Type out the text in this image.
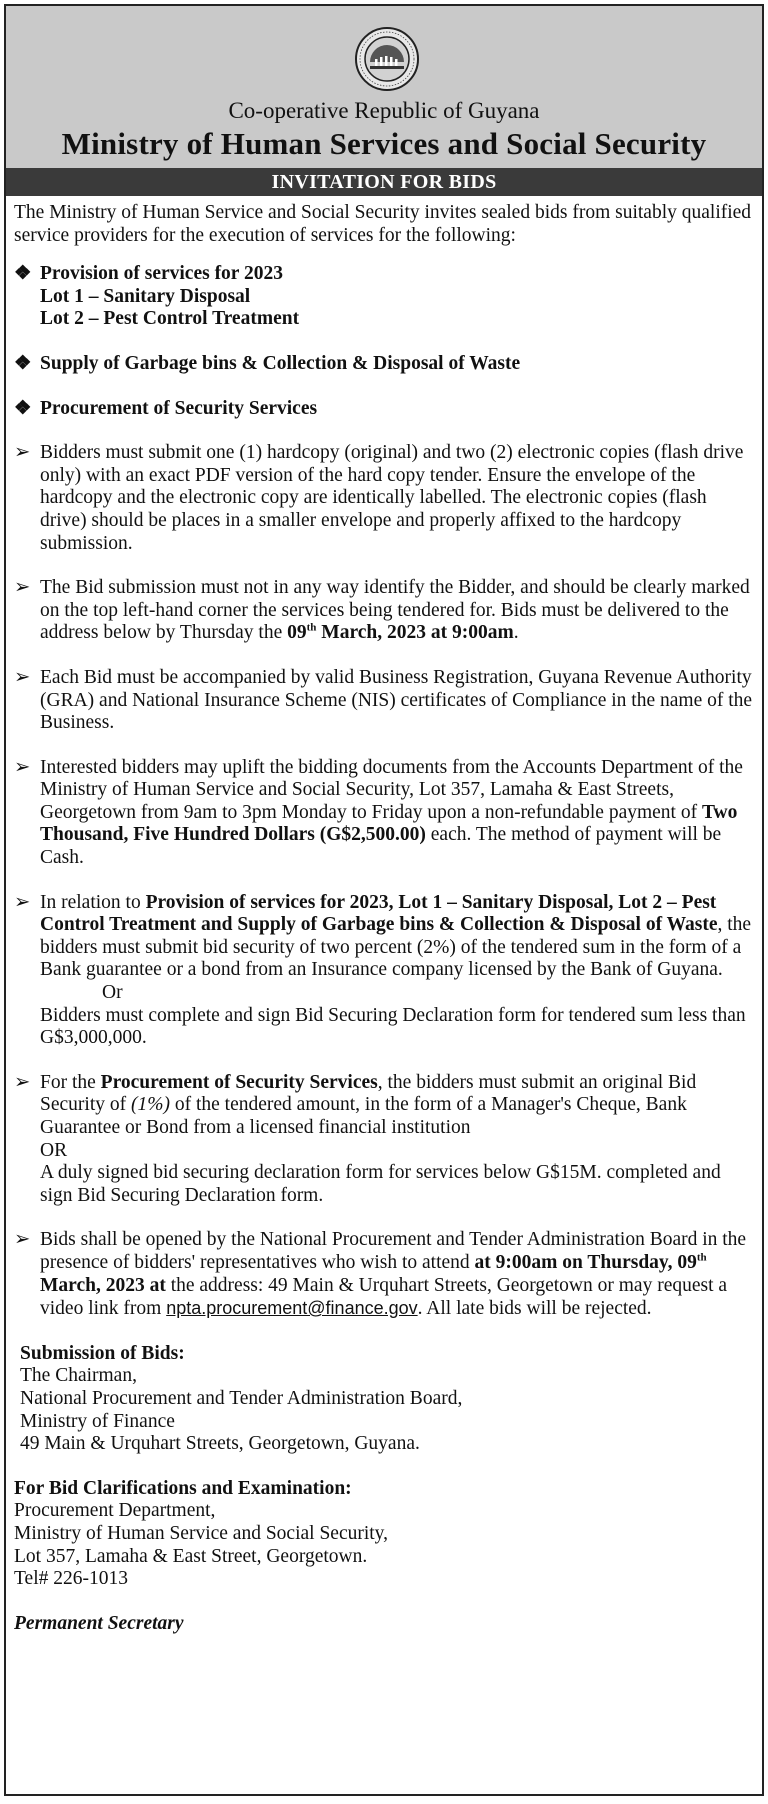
Co-operative Republic of Guyana
Ministry of Human Services and Social Security
INVITATION FOR BIDS

The Ministry of Human Service and Social Security invites sealed bids from suitably qualified service providers for the execution of services for the following:

❖ Provision of services for 2023
Lot 1 – Sanitary Disposal
Lot 2 – Pest Control Treatment
❖ Supply of Garbage bins & Collection & Disposal of Waste
❖ Procurement of Security Services
➢ Bidders must submit one (1) hardcopy (original) and two (2) electronic copies (flash drive only) with an exact PDF version of the hard copy tender. Ensure the envelope of the hardcopy and the electronic copy are identically labelled. The electronic copies (flash drive) should be places in a smaller envelope and properly affixed to the hardcopy submission.
➢ The Bid submission must not in any way identify the Bidder, and should be clearly marked on the top left-hand corner the services being tendered for. Bids must be delivered to the address below by Thursday the 09th March, 2023 at 9:00am.
➢ Each Bid must be accompanied by valid Business Registration, Guyana Revenue Authority (GRA) and National Insurance Scheme (NIS) certificates of Compliance in the name of the Business.
➢ Interested bidders may uplift the bidding documents from the Accounts Department of the Ministry of Human Service and Social Security, Lot 357, Lamaha & East Streets, Georgetown from 9am to 3pm Monday to Friday upon a non-refundable payment of Two Thousand, Five Hundred Dollars (G$2,500.00) each. The method of payment will be Cash.
➢ In relation to Provision of services for 2023, Lot 1 – Sanitary Disposal, Lot 2 – Pest Control Treatment and Supply of Garbage bins & Collection & Disposal of Waste, the bidders must submit bid security of two percent (2%) of the tendered sum in the form of a Bank guarantee or a bond from an Insurance company licensed by the Bank of Guyana.
Or
Bidders must complete and sign Bid Securing Declaration form for tendered sum less than G$3,000,000.
➢ For the Procurement of Security Services, the bidders must submit an original Bid Security of (1%) of the tendered amount, in the form of a Manager's Cheque, Bank Guarantee or Bond from a licensed financial institution
OR
A duly signed bid securing declaration form for services below G$15M. completed and sign Bid Securing Declaration form.
➢ Bids shall be opened by the National Procurement and Tender Administration Board in the presence of bidders' representatives who wish to attend at 9:00am on Thursday, 09th March, 2023 at the address: 49 Main & Urquhart Streets, Georgetown or may request a video link from npta.procurement@finance.gov. All late bids will be rejected.
Submission of Bids:
The Chairman,
National Procurement and Tender Administration Board,
Ministry of Finance
49 Main & Urquhart Streets, Georgetown, Guyana.
For Bid Clarifications and Examination:
Procurement Department,
Ministry of Human Service and Social Security,
Lot 357, Lamaha & East Street, Georgetown.
Tel# 226-1013
Permanent Secretary
